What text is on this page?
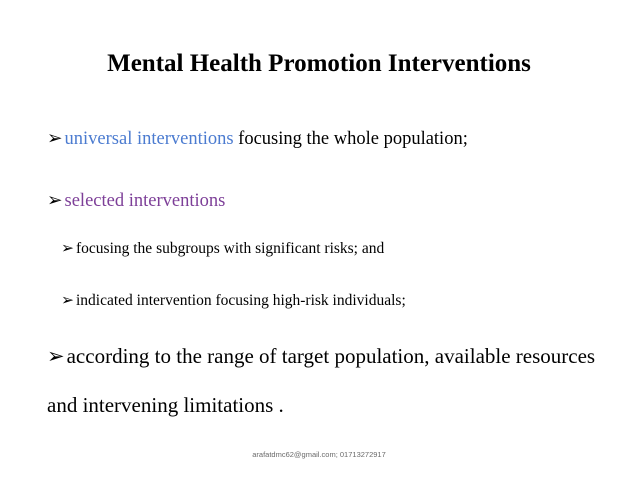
Mental Health Promotion Interventions
➢ universal interventions focusing the whole population;
➢ selected interventions
➢ focusing the subgroups with significant risks; and
➢ indicated intervention focusing high-risk individuals;
➢according to the range of target population, available resources
and intervening limitations .
arafatdmc62@gmail.com; 01713272917
